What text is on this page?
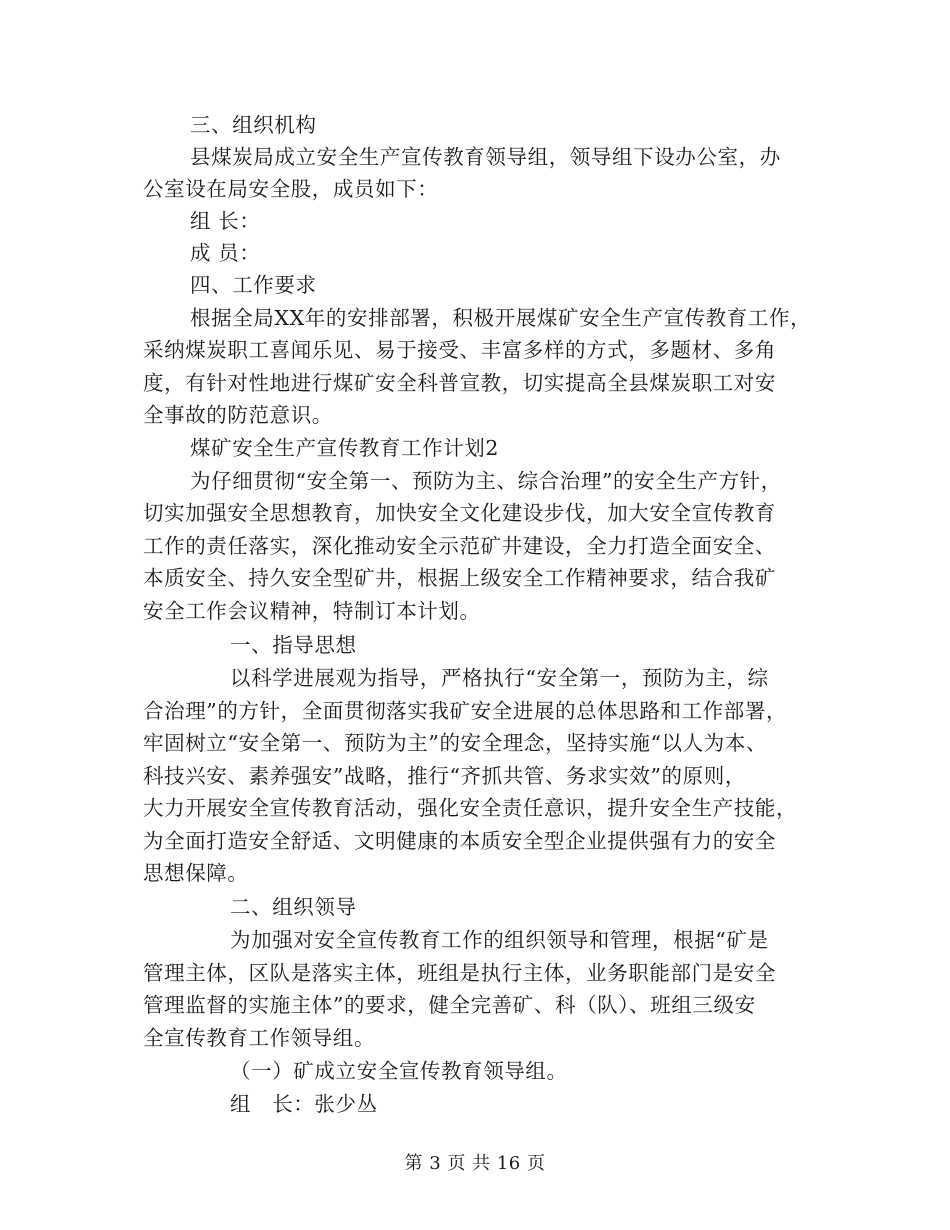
三、组织机构
县煤炭局成立安全生产宣传教育领导组，领导组下设办公室，办
公室设在局安全股，成员如下：
组 长：
成 员：
四、工作要求
根据全局XX年的安排部署，积极开展煤矿安全生产宣传教育工作，
采纳煤炭职工喜闻乐见、易于接受、丰富多样的方式，多题材、多角
度，有针对性地进行煤矿安全科普宣教，切实提高全县煤炭职工对安
全事故的防范意识。
煤矿安全生产宣传教育工作计划2
为仔细贯彻“安全第一、预防为主、综合治理”的安全生产方针，
切实加强安全思想教育，加快安全文化建设步伐，加大安全宣传教育
工作的责任落实，深化推动安全示范矿井建设，全力打造全面安全、
本质安全、持久安全型矿井，根据上级安全工作精神要求，结合我矿
安全工作会议精神，特制订本计划。
一、指导思想
以科学进展观为指导，严格执行“安全第一，预防为主，综
合治理”的方针，全面贯彻落实我矿安全进展的总体思路和工作部署，
牢固树立“安全第一、预防为主”的安全理念，坚持实施“以人为本、
科技兴安、素养强安”战略，推行“齐抓共管、务求实效”的原则，
大力开展安全宣传教育活动，强化安全责任意识，提升安全生产技能，
为全面打造安全舒适、文明健康的本质安全型企业提供强有力的安全
思想保障。
二、组织领导
为加强对安全宣传教育工作的组织领导和管理，根据“矿是
管理主体，区队是落实主体，班组是执行主体，业务职能部门是安全
管理监督的实施主体”的要求，健全完善矿、科（队）、班组三级安
全宣传教育工作领导组。
（一）矿成立安全宣传教育领导组。
组　长：张少丛
第 3 页 共 16 页
